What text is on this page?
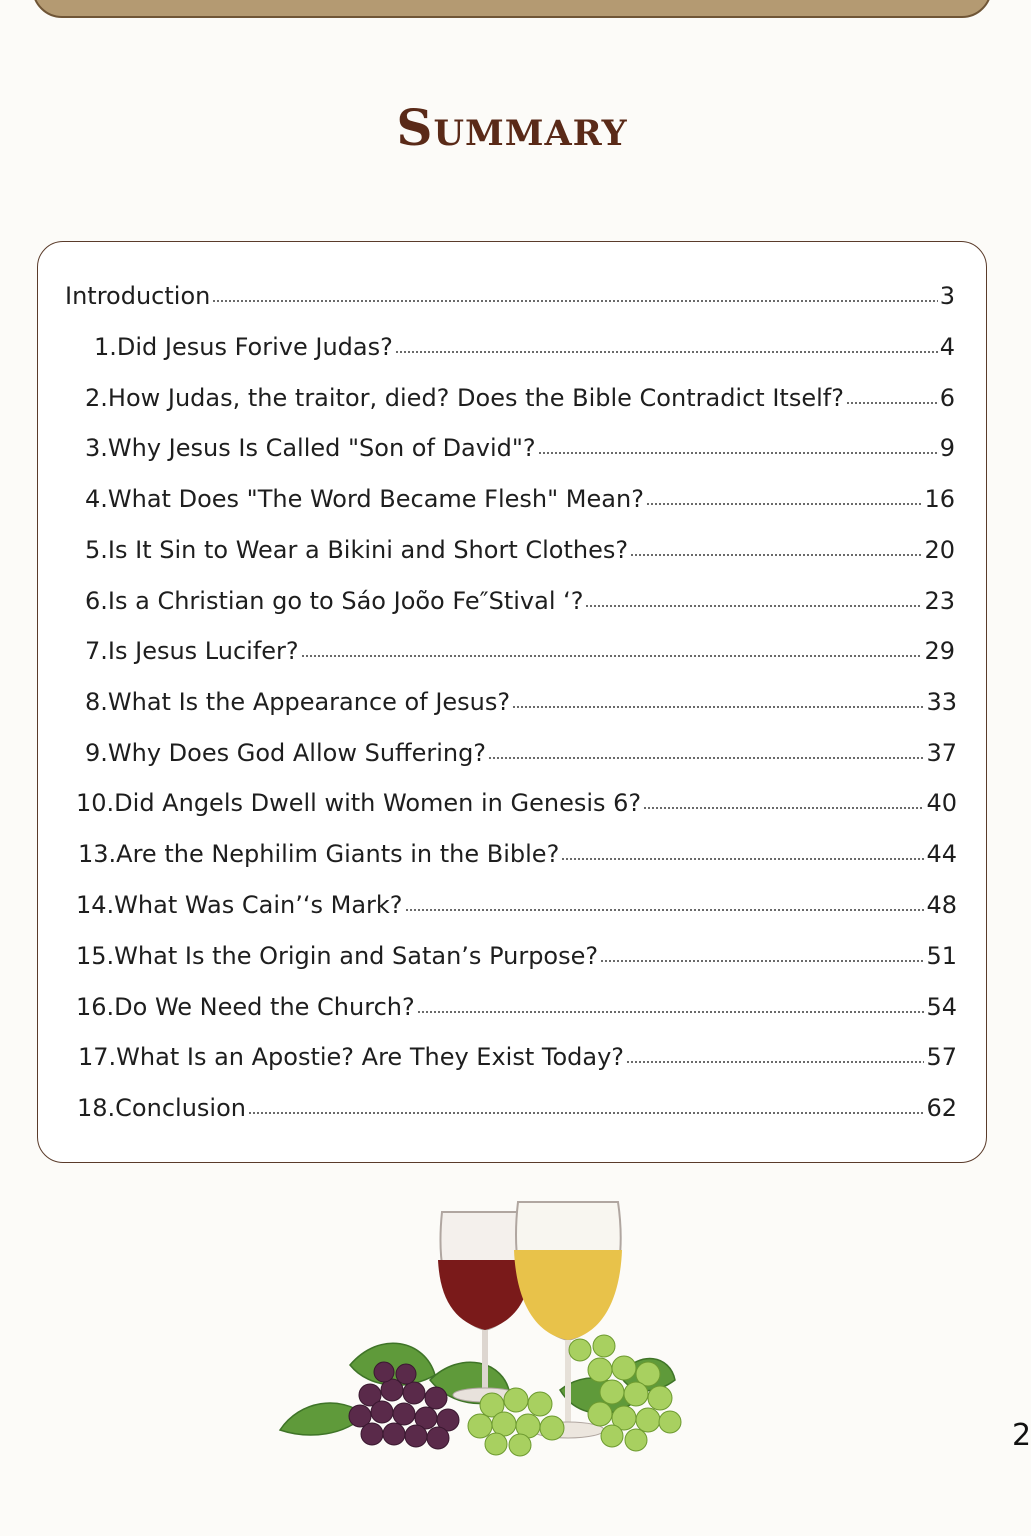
Summary
Introduction	3
1. Did Jesus Forive Judas?	4
2. How Judas, the traitor, died? Does the Bible Contradict Itself?	6
3. Why Jesus Is Called "Son of David"?	9
4. What Does "The Word Became Flesh" Mean?	16
5. Is It Sin to Wear a Bikini and Short Clothes?	20
6. Is a Christian go to Sáo Joõo Fe″Stival ‘?	23
7. Is Jesus Lucifer?	29
8. What Is the Appearance of Jesus?	33
9. Why Does God Allow Suffering?	37
10. Did Angels Dwell with Women in Genesis 6?	40
13. Are the Nephilim Giants in the Bible?	44
14. What Was Cain’‘s Mark?	48
15. What Is the Origin and Satan’s Purpose?	51
16. Do We Need the Church?	54
17. What Is an Apostie? Are They Exist Today?	57
18. Conclusion	62
2
